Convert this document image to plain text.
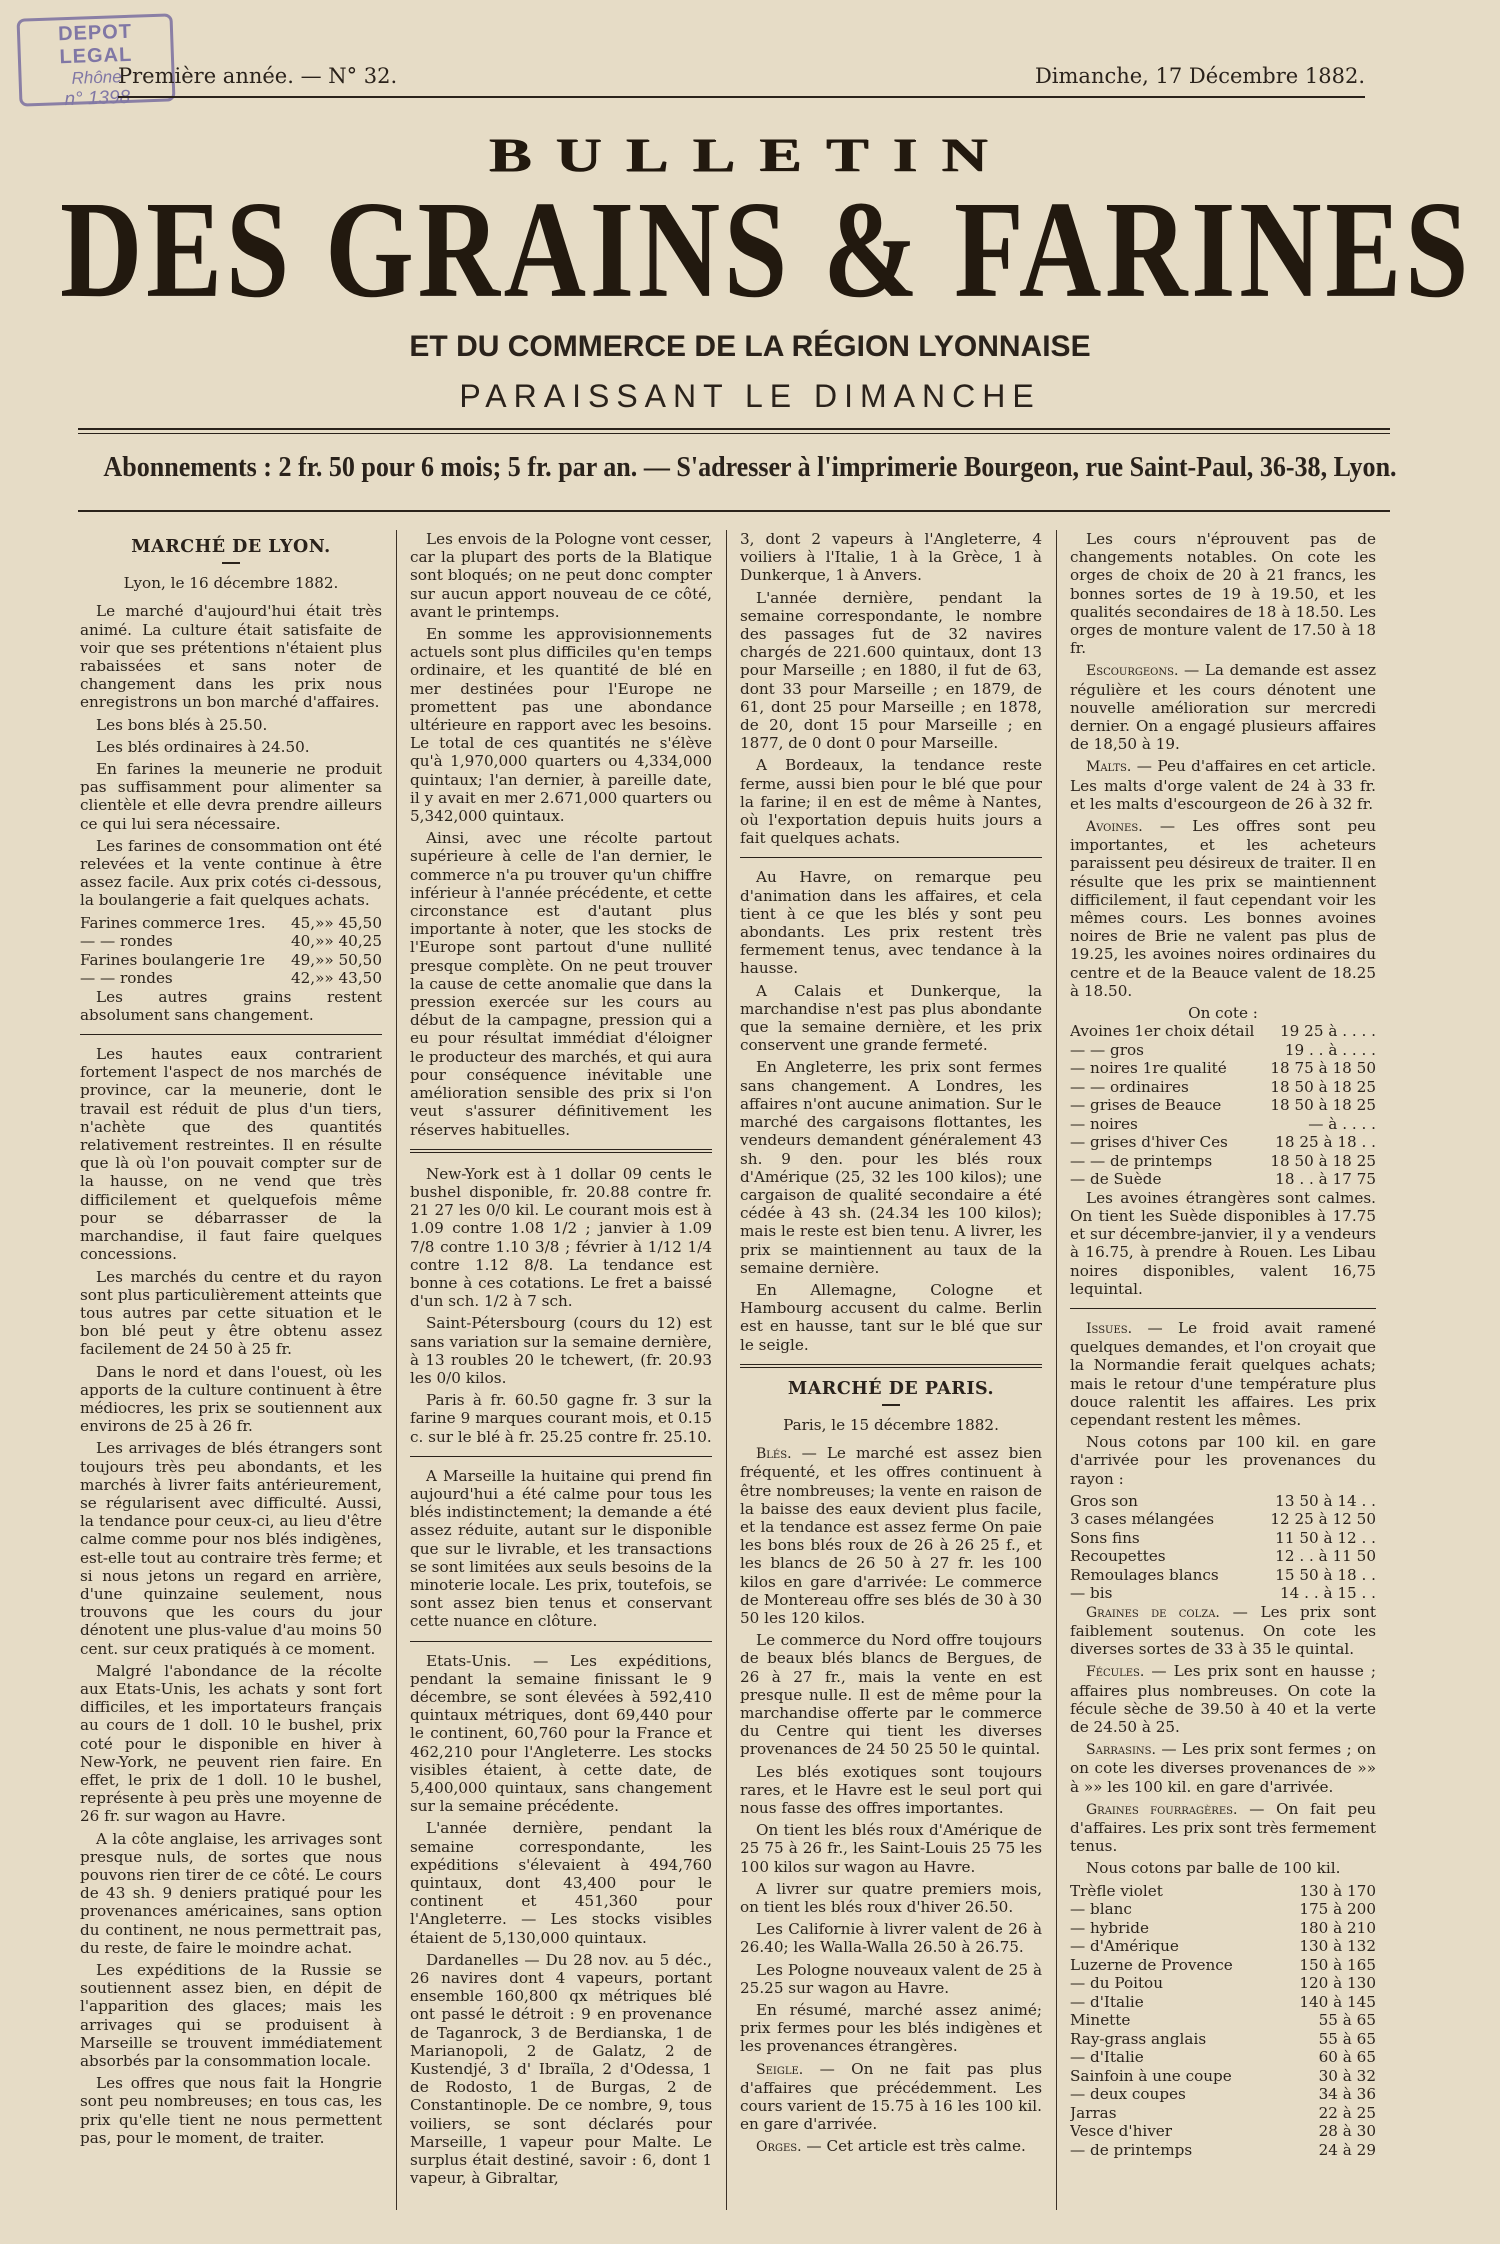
DEPOT LEGAL
Rhône
n° 1398
Première année. — N° 32.	Dimanche, 17 Décembre 1882.
BULLETIN
DES GRAINS & FARINES
ET DU COMMERCE DE LA RÉGION LYONNAISE
PARAISSANT LE DIMANCHE
Abonnements : 2 fr. 50 pour 6 mois; 5 fr. par an. — S'adresser à l'imprimerie Bourgeon, rue Saint-Paul, 36-38, Lyon.
MARCHÉ DE LYON.
Lyon, le 16 décembre 1882.

Le marché d'aujourd'hui était très animé. La culture était satisfaite de voir que ses prétentions n'étaient plus rabaissées et sans noter de changement dans les prix nous enregistrons un bon marché d'affaires.

Les bons blés à 25.50.

Les blés ordinaires à 24.50.

En farines la meunerie ne produit pas suffisamment pour alimenter sa clientèle et elle devra prendre ailleurs ce qui lui sera nécessaire.

Les farines de consommation ont été relevées et la vente continue à être assez facile. Aux prix cotés ci-dessous, la boulangerie a fait quelques achats.

Farines commerce 1res.	45,»» 45,50
— — rondes	40,»» 40,25
Farines boulangerie 1re	49,»» 50,50
— — rondes	42,»» 43,50

Les autres grains restent absolument sans changement.

Les hautes eaux contrarient fortement l'aspect de nos marchés de province, car la meunerie, dont le travail est réduit de plus d'un tiers, n'achète que des quantités relativement restreintes. Il en résulte que là où l'on pouvait compter sur de la hausse, on ne vend que très difficilement et quelquefois même pour se débarrasser de la marchandise, il faut faire quelques concessions.

Les marchés du centre et du rayon sont plus particulièrement atteints que tous autres par cette situation et le bon blé peut y être obtenu assez facilement de 24 50 à 25 fr.

Dans le nord et dans l'ouest, où les apports de la culture continuent à être médiocres, les prix se soutiennent aux environs de 25 à 26 fr.

Les arrivages de blés étrangers sont toujours très peu abondants, et les marchés à livrer faits antérieurement, se régularisent avec difficulté. Aussi, la tendance pour ceux-ci, au lieu d'être calme comme pour nos blés indigènes, est-elle tout au contraire très ferme; et si nous jetons un regard en arrière, d'une quinzaine seulement, nous trouvons que les cours du jour dénotent une plus-value d'au moins 50 cent. sur ceux pratiqués à ce moment.

Malgré l'abondance de la récolte aux Etats-Unis, les achats y sont fort difficiles, et les importateurs français au cours de 1 doll. 10 le bushel, prix coté pour le disponible en hiver à New-York, ne peuvent rien faire. En effet, le prix de 1 doll. 10 le bushel, représente à peu près une moyenne de 26 fr. sur wagon au Havre.

A la côte anglaise, les arrivages sont presque nuls, de sortes que nous pouvons rien tirer de ce côté. Le cours de 43 sh. 9 deniers pratiqué pour les provenances américaines, sans option du continent, ne nous permettrait pas, du reste, de faire le moindre achat.

Les expéditions de la Russie se soutiennent assez bien, en dépit de l'apparition des glaces; mais les arrivages qui se produisent à Marseille se trouvent immédiatement absorbés par la consommation locale.

Les offres que nous fait la Hongrie sont peu nombreuses; en tous cas, les prix qu'elle tient ne nous permettent pas, pour le moment, de traiter.

Les envois de la Pologne vont cesser, car la plupart des ports de la Blatique sont bloqués; on ne peut donc compter sur aucun apport nouveau de ce côté, avant le printemps.

En somme les approvisionnements actuels sont plus difficiles qu'en temps ordinaire, et les quantité de blé en mer destinées pour l'Europe ne promettent pas une abondance ultérieure en rapport avec les besoins. Le total de ces quantités ne s'élève qu'à 1,970,000 quarters ou 4,334,000 quintaux; l'an dernier, à pareille date, il y avait en mer 2.671,000 quarters ou 5,342,000 quintaux.

Ainsi, avec une récolte partout supérieure à celle de l'an dernier, le commerce n'a pu trouver qu'un chiffre inférieur à l'année précédente, et cette circonstance est d'autant plus importante à noter, que les stocks de l'Europe sont partout d'une nullité presque complète. On ne peut trouver la cause de cette anomalie que dans la pression exercée sur les cours au début de la campagne, pression qui a eu pour résultat immédiat d'éloigner le producteur des marchés, et qui aura pour conséquence inévitable une amélioration sensible des prix si l'on veut s'assurer définitivement les réserves habituelles.

New-York est à 1 dollar 09 cents le bushel disponible, fr. 20.88 contre fr. 21 27 les 0/0 kil. Le courant mois est à 1.09 contre 1.08 1/2 ; janvier à 1.09 7/8 contre 1.10 3/8 ; février à 1/12 1/4 contre 1.12 8/8. La tendance est bonne à ces cotations. Le fret a baissé d'un sch. 1/2 à 7 sch.

Saint-Pétersbourg (cours du 12) est sans variation sur la semaine dernière, à 13 roubles 20 le tchewert, (fr. 20.93 les 0/0 kilos.

Paris à fr. 60.50 gagne fr. 3 sur la farine 9 marques courant mois, et 0.15 c. sur le blé à fr. 25.25 contre fr. 25.10.

A Marseille la huitaine qui prend fin aujourd'hui a été calme pour tous les blés indistinctement; la demande a été assez réduite, autant sur le disponible que sur le livrable, et les transactions se sont limitées aux seuls besoins de la minoterie locale. Les prix, toutefois, se sont assez bien tenus et conservant cette nuance en clôture.

Etats-Unis. — Les expéditions, pendant la semaine finissant le 9 décembre, se sont élevées à 592,410 quintaux métriques, dont 69,440 pour le continent, 60,760 pour la France et 462,210 pour l'Angleterre. Les stocks visibles étaient, à cette date, de 5,400,000 quintaux, sans changement sur la semaine précédente.

L'année dernière, pendant la semaine correspondante, les expéditions s'élevaient à 494,760 quintaux, dont 43,400 pour le continent et 451,360 pour l'Angleterre. — Les stocks visibles étaient de 5,130,000 quintaux.

Dardanelles — Du 28 nov. au 5 déc., 26 navires dont 4 vapeurs, portant ensemble 160,800 qx métriques blé ont passé le détroit : 9 en provenance de Taganrock, 3 de Berdianska, 1 de Marianopoli, 2 de Galatz, 2 de Kustendjé, 3 d' Ibraïla, 2 d'Odessa, 1 de Rodosto, 1 de Burgas, 2 de Constantinople. De ce nombre, 9, tous voiliers, se sont déclarés pour Marseille, 1 vapeur pour Malte. Le surplus était destiné, savoir : 6, dont 1 vapeur, à Gibraltar,

3, dont 2 vapeurs à l'Angleterre, 4 voiliers à l'Italie, 1 à la Grèce, 1 à Dunkerque, 1 à Anvers.

L'année dernière, pendant la semaine correspondante, le nombre des passages fut de 32 navires chargés de 221.600 quintaux, dont 13 pour Marseille ; en 1880, il fut de 63, dont 33 pour Marseille ; en 1879, de 61, dont 25 pour Marseille ; en 1878, de 20, dont 15 pour Marseille ; en 1877, de 0 dont 0 pour Marseille.

A Bordeaux, la tendance reste ferme, aussi bien pour le blé que pour la farine; il en est de même à Nantes, où l'exportation depuis huits jours a fait quelques achats.

Au Havre, on remarque peu d'animation dans les affaires, et cela tient à ce que les blés y sont peu abondants. Les prix restent très fermement tenus, avec tendance à la hausse.

A Calais et Dunkerque, la marchandise n'est pas plus abondante que la semaine dernière, et les prix conservent une grande fermeté.

En Angleterre, les prix sont fermes sans changement. A Londres, les affaires n'ont aucune animation. Sur le marché des cargaisons flottantes, les vendeurs demandent généralement 43 sh. 9 den. pour les blés roux d'Amérique (25, 32 les 100 kilos); une cargaison de qualité secondaire a été cédée à 43 sh. (24.34 les 100 kilos); mais le reste est bien tenu. A livrer, les prix se maintiennent au taux de la semaine dernière.

En Allemagne, Cologne et Hambourg accusent du calme. Berlin est en hausse, tant sur le blé que sur le seigle.

MARCHÉ DE PARIS.
Paris, le 15 décembre 1882.

Blés. — Le marché est assez bien fréquenté, et les offres continuent à être nombreuses; la vente en raison de la baisse des eaux devient plus facile, et la tendance est assez ferme On paie les bons blés roux de 26 à 26 25 f., et les blancs de 26 50 à 27 fr. les 100 kilos en gare d'arrivée: Le commerce de Montereau offre ses blés de 30 à 30 50 les 120 kilos.

Le commerce du Nord offre toujours de beaux blés blancs de Bergues, de 26 à 27 fr., mais la vente en est presque nulle. Il est de même pour la marchandise offerte par le commerce du Centre qui tient les diverses provenances de 24 50 25 50 le quintal.

Les blés exotiques sont toujours rares, et le Havre est le seul port qui nous fasse des offres importantes.

On tient les blés roux d'Amérique de 25 75 à 26 fr., les Saint-Louis 25 75 les 100 kilos sur wagon au Havre.

A livrer sur quatre premiers mois, on tient les blés roux d'hiver 26.50.

Les Californie à livrer valent de 26 à 26.40; les Walla-Walla 26.50 à 26.75.

Les Pologne nouveaux valent de 25 à 25.25 sur wagon au Havre.

En résumé, marché assez animé; prix fermes pour les blés indigènes et les provenances étrangères.

Seigle. — On ne fait pas plus d'affaires que précédemment. Les cours varient de 15.75 à 16 les 100 kil. en gare d'arrivée.

Orges. — Cet article est très calme.

Les cours n'éprouvent pas de changements notables. On cote les orges de choix de 20 à 21 francs, les bonnes sortes de 19 à 19.50, et les qualités secondaires de 18 à 18.50. Les orges de monture valent de 17.50 à 18 fr.

Escourgeons. — La demande est assez régulière et les cours dénotent une nouvelle amélioration sur mercredi dernier. On a engagé plusieurs affaires de 18,50 à 19.

Malts. — Peu d'affaires en cet article. Les malts d'orge valent de 24 à 33 fr. et les malts d'escourgeon de 26 à 32 fr.

Avoines. — Les offres sont peu importantes, et les acheteurs paraissent peu désireux de traiter. Il en résulte que les prix se maintiennent difficilement, il faut cependant voir les mêmes cours. Les bonnes avoines noires de Brie ne valent pas plus de 19.25, les avoines noires ordinaires du centre et de la Beauce valent de 18.25 à 18.50.

On cote :
Avoines 1er choix détail	19 25 à . . . .
— — gros	19 . . à . . . .
— noires 1re qualité	18 75 à 18 50
— — ordinaires	18 50 à 18 25
— grises de Beauce	18 50 à 18 25
— noires	— à . . . .
— grises d'hiver Ces	18 25 à 18 . .
— — de printemps	18 50 à 18 25
— de Suède	18 . . à 17 75

Les avoines étrangères sont calmes. On tient les Suède disponibles à 17.75 et sur décembre-janvier, il y a vendeurs à 16.75, à prendre à Rouen. Les Libau noires disponibles, valent 16,75 lequintal.

Issues. — Le froid avait ramené quelques demandes, et l'on croyait que la Normandie ferait quelques achats; mais le retour d'une température plus douce ralentit les affaires. Les prix cependant restent les mêmes.

Nous cotons par 100 kil. en gare d'arrivée pour les provenances du rayon :

Gros son	13 50 à 14 . .
3 cases mélangées	12 25 à 12 50
Sons fins	11 50 à 12 . .
Recoupettes	12 . . à 11 50
Remoulages blancs	15 50 à 18 . .
— bis	14 . . à 15 . .

Graines de colza. — Les prix sont faiblement soutenus. On cote les diverses sortes de 33 à 35 le quintal.

Fécules. — Les prix sont en hausse ; affaires plus nombreuses. On cote la fécule sèche de 39.50 à 40 et la verte de 24.50 à 25.

Sarrasins. — Les prix sont fermes ; on on cote les diverses provenances de »» à »» les 100 kil. en gare d'arrivée.

Graines fourragères. — On fait peu d'affaires. Les prix sont très fermement tenus.

Nous cotons par balle de 100 kil.

Trèfle violet	130 à 170
— blanc	175 à 200
— hybride	180 à 210
— d'Amérique	130 à 132
Luzerne de Provence	150 à 165
— du Poitou	120 à 130
— d'Italie	140 à 145
Minette	55 à 65
Ray-grass anglais	55 à 65
— d'Italie	60 à 65
Sainfoin à une coupe	30 à 32
— deux coupes	34 à 36
Jarras	22 à 25
Vesce d'hiver	28 à 30
— de printemps	24 à 29
